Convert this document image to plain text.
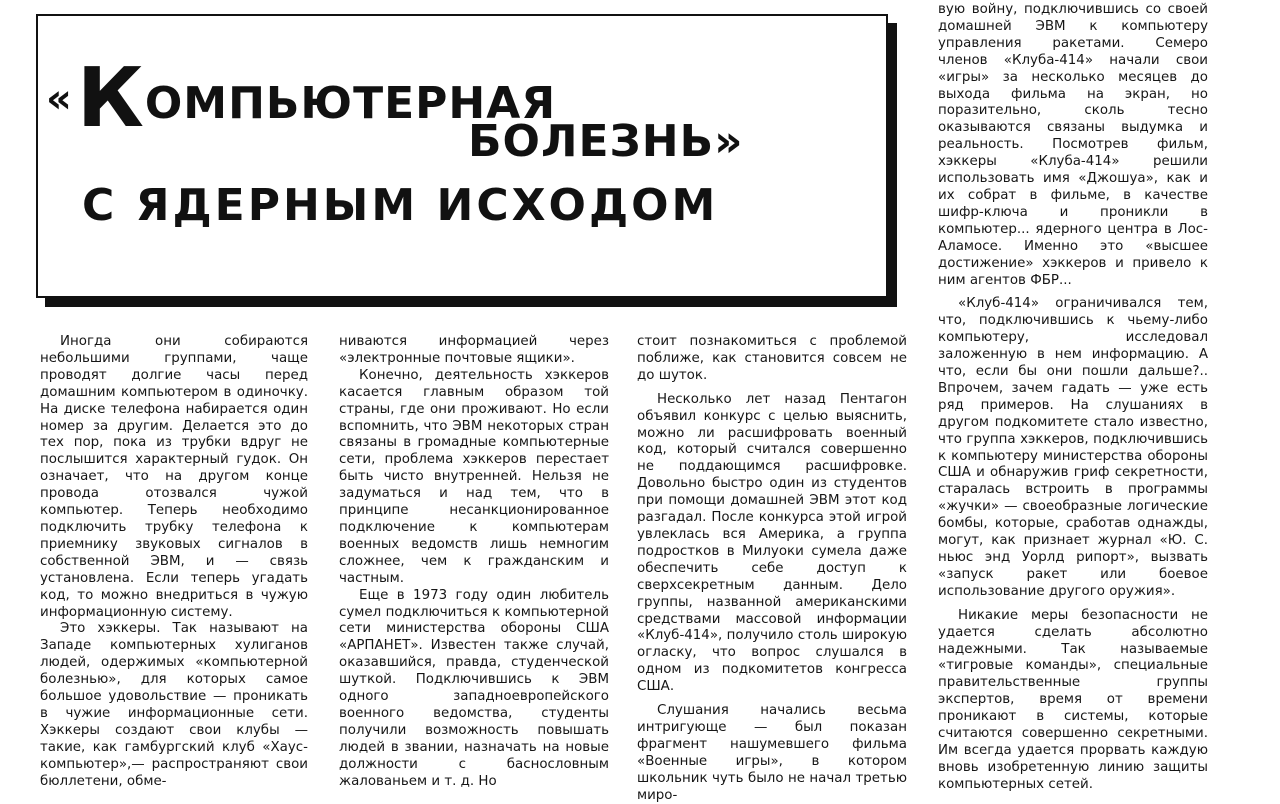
«КОМПЬЮТЕРНАЯ
БОЛЕЗНЬ»
С ЯДЕРНЫМ ИСХОДОМ

Иногда они собираются небольшими группами, чаще проводят долгие часы перед домашним компьютером в одиночку. На диске телефона набирается один номер за другим. Делается это до тех пор, пока из трубки вдруг не послышится характерный гудок. Он означает, что на другом конце провода отозвался чужой компьютер. Теперь необходимо подключить трубку телефона к приемнику звуковых сигналов в собственной ЭВМ, и — связь установлена. Если теперь угадать код, то можно внедриться в чужую информационную систему.

Это хэккеры. Так называют на Западе компьютерных хулиганов людей, одержимых «компьютерной болезнью», для которых самое большое удовольствие — проникать в чужие информационные сети. Хэккеры создают свои клубы — такие, как гамбургский клуб «Хаус-компьютер»,— распространяют свои бюллетени, обме-

ниваются информацией через «электронные почтовые ящики».

Конечно, деятельность хэккеров касается главным образом той страны, где они проживают. Но если вспомнить, что ЭВМ некоторых стран связаны в громадные компьютерные сети, проблема хэккеров перестает быть чисто внутренней. Нельзя не задуматься и над тем, что в принципе несанкционированное подключение к компьютерам военных ведомств лишь немногим сложнее, чем к гражданским и частным.

Еще в 1973 году один любитель сумел подключиться к компьютерной сети министерства обороны США «АРПАНЕТ». Известен также случай, оказавшийся, правда, студенческой шуткой. Подключившись к ЭВМ одного западноевропейского военного ведомства, студенты получили возможность повышать людей в звании, назначать на новые должности с баснословным жалованьем и т. д. Но

стоит познакомиться с проблемой поближе, как становится совсем не до шуток.

Несколько лет назад Пентагон объявил конкурс с целью выяснить, можно ли расшифровать военный код, который считался совершенно не поддающимся расшифровке. Довольно быстро один из студентов при помощи домашней ЭВМ этот код разгадал. После конкурса этой игрой увлеклась вся Америка, а группа подростков в Милуоки сумела даже обеспечить себе доступ к сверхсекретным данным. Дело группы, названной американскими средствами массовой информации «Клуб-414», получило столь широкую огласку, что вопрос слушался в одном из подкомитетов конгресса США.

Слушания начались весьма интригующе — был показан фрагмент нашумевшего фильма «Военные игры», в котором школьник чуть было не начал третью миро-

вую войну, подключившись со своей домашней ЭВМ к компьютеру управления ракетами. Семеро членов «Клуба-414» начали свои «игры» за несколько месяцев до выхода фильма на экран, но поразительно, сколь тесно оказываются связаны выдумка и реальность. Посмотрев фильм, хэккеры «Клуба-414» решили использовать имя «Джошуа», как и их собрат в фильме, в качестве шифр-ключа и проникли в компьютер... ядерного центра в Лос-Аламосе. Именно это «высшее достижение» хэккеров и привело к ним агентов ФБР...

«Клуб-414» ограничивался тем, что, подключившись к чьему-либо компьютеру, исследовал заложенную в нем информацию. А что, если бы они пошли дальше?.. Впрочем, зачем гадать — уже есть ряд примеров. На слушаниях в другом подкомитете стало известно, что группа хэккеров, подключившись к компьютеру министерства обороны США и обнаружив гриф секретности, старалась встроить в программы «жучки» — своеобразные логические бомбы, которые, сработав однажды, могут, как признает журнал «Ю. С. ньюс энд Уорлд рипорт», вызвать «запуск ракет или боевое использование другого оружия».

Никакие меры безопасности не удается сделать абсолютно надежными. Так называемые «тигровые команды», специальные правительственные группы экспертов, время от времени проникают в системы, которые считаются совершенно секретными. Им всегда удается прорвать каждую вновь изобретенную линию защиты компьютерных сетей.
